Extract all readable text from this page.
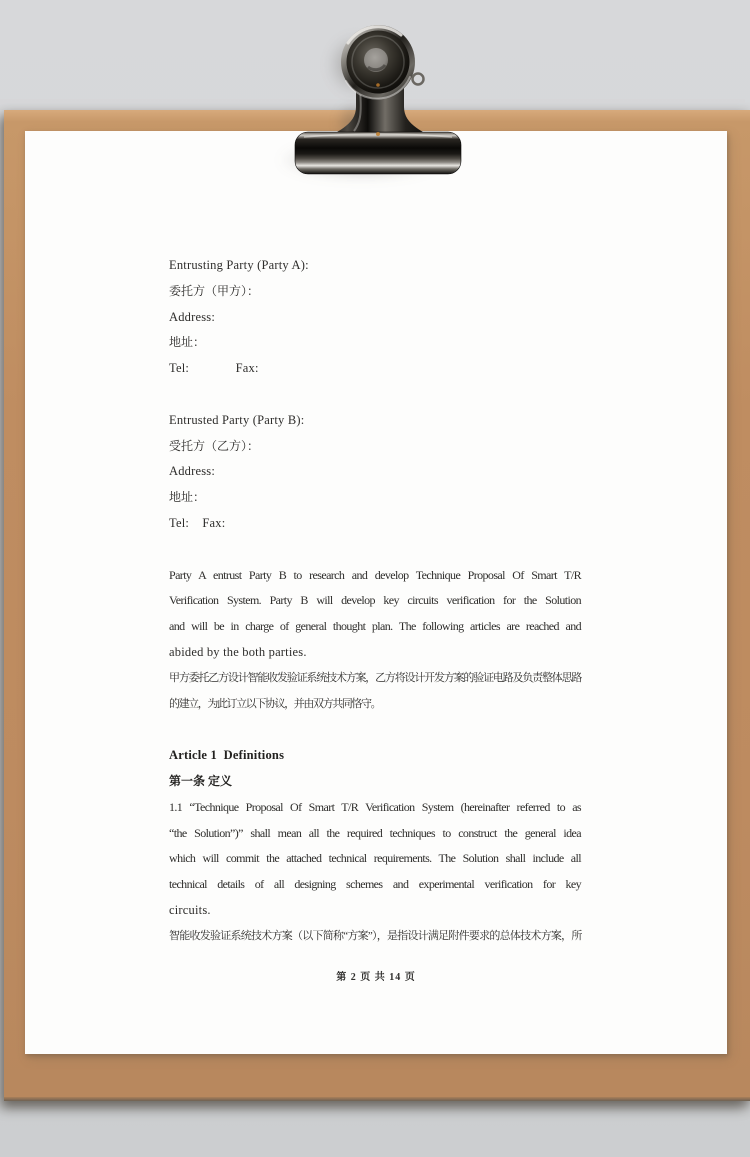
Entrusting Party (Party A):
委托方（甲方）：
Address:
地址：
Tel:              Fax:
Entrusted Party (Party B):
受托方（乙方）：
Address:
地址：
Tel:    Fax:
Party A entrust Party B to research and develop Technique Proposal Of Smart T/R
Verification System. Party B will develop key circuits verification for the Solution
and will be in charge of general thought plan. The following articles are reached and
abided by the both parties.
甲方委托乙方设计智能收发验证系统技术方案，乙方将设计开发方案的验证电路及负责整体思路
的建立，为此订立以下协议，并由双方共同恪守。
Article 1  Definitions
第一条 定义
1.1 “Technique Proposal Of Smart T/R Verification System (hereinafter referred to as
“the Solution”)” shall mean all the required techniques to construct the general idea
which will commit the attached technical requirements. The Solution shall include all
technical details of all designing schemes and experimental verification for key
circuits.
智能收发验证系统技术方案（以下简称“方案”），是指设计满足附件要求的总体技术方案，所
第 2 页 共 14 页
